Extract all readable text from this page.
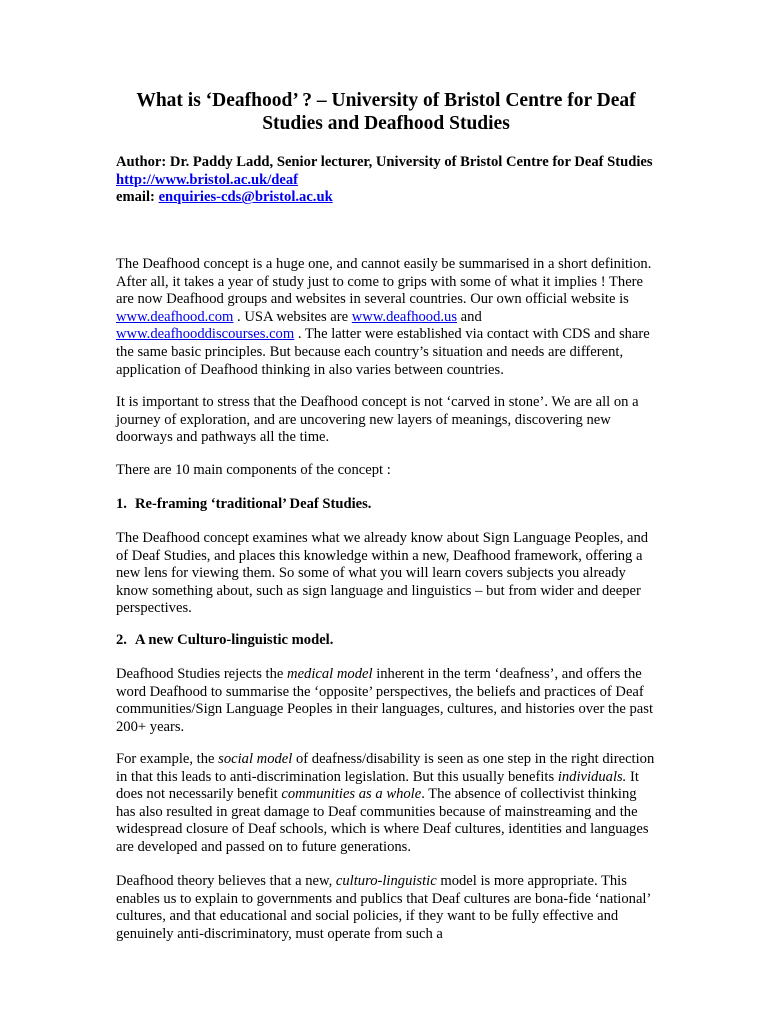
What is ‘Deafhood’ ? – University of Bristol Centre for Deaf Studies and Deafhood Studies

Author: Dr. Paddy Ladd, Senior lecturer, University of Bristol Centre for Deaf Studies

http://www.bristol.ac.uk/deaf

email: enquiries-cds@bristol.ac.uk

The Deafhood concept is a huge one, and cannot easily be summarised in a short definition. After all, it takes a year of study just to come to grips with some of what it implies ! There are now Deafhood groups and websites in several countries. Our own official website is www.deafhood.com . USA websites are www.deafhood.us and www.deafhooddiscourses.com . The latter were established via contact with CDS and share the same basic principles. But because each country’s situation and needs are different, application of Deafhood thinking in also varies between countries.

It is important to stress that the Deafhood concept is not ‘carved in stone’. We are all on a journey of exploration, and are uncovering new layers of meanings, discovering new doorways and pathways all the time.

There are 10 main components of the concept :

1. Re-framing ‘traditional’ Deaf Studies.

The Deafhood concept examines what we already know about Sign Language Peoples, and of Deaf Studies, and places this knowledge within a new, Deafhood framework, offering a new lens for viewing them. So some of what you will learn covers subjects you already know something about, such as sign language and linguistics – but from wider and deeper perspectives.

2. A new Culturo-linguistic model.

Deafhood Studies rejects the medical model inherent in the term ‘deafness’, and offers the word Deafhood to summarise the ‘opposite’ perspectives, the beliefs and practices of Deaf communities/Sign Language Peoples in their languages, cultures, and histories over the past 200+ years.

For example, the social model of deafness/disability is seen as one step in the right direction in that this leads to anti-discrimination legislation. But this usually benefits individuals. It does not necessarily benefit communities as a whole. The absence of collectivist thinking has also resulted in great damage to Deaf communities because of mainstreaming and the widespread closure of Deaf schools, which is where Deaf cultures, identities and languages are developed and passed on to future generations.

Deafhood theory believes that a new, culturo-linguistic model is more appropriate. This enables us to explain to governments and publics that Deaf cultures are bona-fide ‘national’ cultures, and that educational and social policies, if they want to be fully effective and genuinely anti-discriminatory, must operate from such a
